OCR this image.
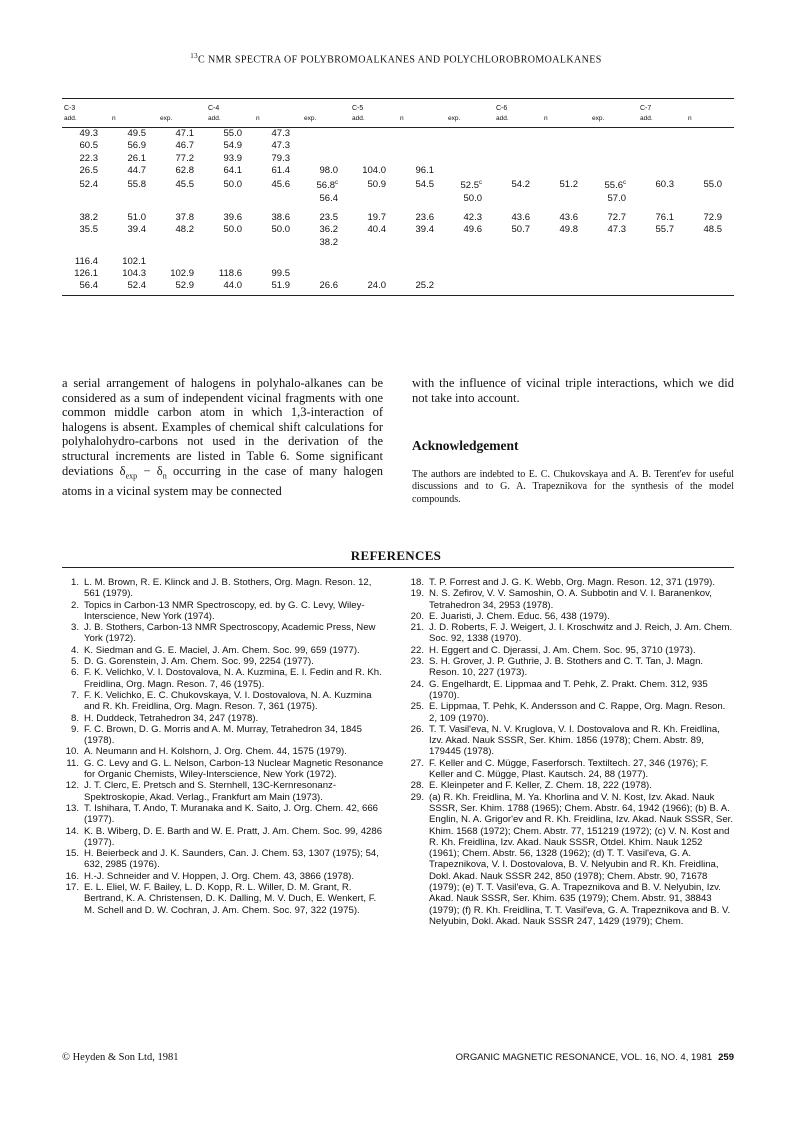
$^{13}$C NMR SPECTRA OF POLYBROMOALKANES AND POLYCHLOROBROMOALKANES
C-3			C-4			C-5			C-6			C-7	
add.	n	exp.	add.	n	exp.	add.	n	exp.	add.	n	exp.	add.	n
49.3	49.5	47.1	55.0	47.3									
60.5	56.9	46.7	54.9	47.3									
22.3	26.1	77.2	93.9	79.3									
26.5	44.7	62.8	64.1	61.4	98.0	104.0	96.1						
52.4	55.8	45.5	50.0	45.6	56.8$^c$	50.9	54.5	52.5$^c$	54.2	51.2	55.6$^c$	60.3	55.0
					56.4			50.0			57.0		

38.2	51.0	37.8	39.6	38.6	23.5	19.7	23.6	42.3	43.6	43.6	72.7	76.1	72.9
35.5	39.4	48.2	50.0	50.0	36.2	40.4	39.4	49.6	50.7	49.8	47.3	55.7	48.5
					38.2								

116.4	102.1												
126.1	104.3	102.9	118.6	99.5									
56.4	52.4	52.9	44.0	51.9	26.6	24.0	25.2						
a serial arrangement of halogens in polyhalo-alkanes can be considered as a sum of independent vicinal fragments with one common middle carbon atom in which 1,3-interaction of halogens is absent. Examples of chemical shift calculations for polyhalohydro-carbons not used in the derivation of the structural increments are listed in Table 6. Some significant deviations $\delta_{exp} - \delta_n$ occurring in the case of many halogen atoms in a vicinal system may be connected
with the influence of vicinal triple interactions, which we did not take into account.
Acknowledgement
The authors are indebted to E. C. Chukovskaya and A. B. Terent'ev for useful discussions and to G. A. Trapeznikova for the synthesis of the model compounds.
REFERENCES
1. L. M. Brown, R. E. Klinck and J. B. Stothers, Org. Magn. Reson. 12, 561 (1979).
2. Topics in Carbon-13 NMR Spectroscopy, ed. by G. C. Levy, Wiley-Interscience, New York (1974).
3. J. B. Stothers, Carbon-13 NMR Spectroscopy, Academic Press, New York (1972).
4. K. Siedman and G. E. Maciel, J. Am. Chem. Soc. 99, 659 (1977).
5. D. G. Gorenstein, J. Am. Chem. Soc. 99, 2254 (1977).
6. F. K. Velichko, V. I. Dostovalova, N. A. Kuzmina, E. I. Fedin and R. Kh. Freidlina, Org. Magn. Reson. 7, 46 (1975).
7. F. K. Velichko, E. C. Chukovskaya, V. I. Dostovalova, N. A. Kuzmina and R. Kh. Freidlina, Org. Magn. Reson. 7, 361 (1975).
8. H. Duddeck, Tetrahedron 34, 247 (1978).
9. F. C. Brown, D. G. Morris and A. M. Murray, Tetrahedron 34, 1845 (1978).
10. A. Neumann and H. Kolshorn, J. Org. Chem. 44, 1575 (1979).
11. G. C. Levy and G. L. Nelson, Carbon-13 Nuclear Magnetic Resonance for Organic Chemists, Wiley-Interscience, New York (1972).
12. J. T. Clerc, E. Pretsch and S. Sternhell, 13C-Kernresonanz-Spektroskopie, Akad. Verlag., Frankfurt am Main (1973).
13. T. Ishihara, T. Ando, T. Muranaka and K. Saito, J. Org. Chem. 42, 666 (1977).
14. K. B. Wiberg, D. E. Barth and W. E. Pratt, J. Am. Chem. Soc. 99, 4286 (1977).
15. H. Beierbeck and J. K. Saunders, Can. J. Chem. 53, 1307 (1975); 54, 632, 2985 (1976).
16. H.-J. Schneider and V. Hoppen, J. Org. Chem. 43, 3866 (1978).
17. E. L. Eliel, W. F. Bailey, L. D. Kopp, R. L. Willer, D. M. Grant, R. Bertrand, K. A. Christensen, D. K. Dalling, M. V. Duch, E. Wenkert, F. M. Schell and D. W. Cochran, J. Am. Chem. Soc. 97, 322 (1975).
18. T. P. Forrest and J. G. K. Webb, Org. Magn. Reson. 12, 371 (1979).
19. N. S. Zefirov, V. V. Samoshin, O. A. Subbotin and V. I. Baranenkov, Tetrahedron 34, 2953 (1978).
20. E. Juaristi, J. Chem. Educ. 56, 438 (1979).
21. J. D. Roberts, F. J. Weigert, J. I. Kroschwitz and J. Reich, J. Am. Chem. Soc. 92, 1338 (1970).
22. H. Eggert and C. Djerassi, J. Am. Chem. Soc. 95, 3710 (1973).
23. S. H. Grover, J. P. Guthrie, J. B. Stothers and C. T. Tan, J. Magn. Reson. 10, 227 (1973).
24. G. Engelhardt, E. Lippmaa and T. Pehk, Z. Prakt. Chem. 312, 935 (1970).
25. E. Lippmaa, T. Pehk, K. Andersson and C. Rappe, Org. Magn. Reson. 2, 109 (1970).
26. T. T. Vasil'eva, N. V. Kruglova, V. I. Dostovalova and R. Kh. Freidlina, Izv. Akad. Nauk SSSR, Ser. Khim. 1856 (1978); Chem. Abstr. 89, 179445 (1978).
27. F. Keller and C. Mügge, Faserforsch. Textiltech. 27, 346 (1976); F. Keller and C. Mügge, Plast. Kautsch. 24, 88 (1977).
28. E. Kleinpeter and F. Keller, Z. Chem. 18, 222 (1978).
29. (a) R. Kh. Freidlina, M. Ya. Khorlina and V. N. Kost, Izv. Akad. Nauk SSSR, Ser. Khim. 1788 (1965); Chem. Abstr. 64, 1942 (1966); (b) B. A. Englin, N. A. Grigor'ev and R. Kh. Freidlina, Izv. Akad. Nauk SSSR, Ser. Khim. 1568 (1972); Chem. Abstr. 77, 151219 (1972); (c) V. N. Kost and R. Kh. Freidlina, Izv. Akad. Nauk SSSR, Otdel. Khim. Nauk 1252 (1961); Chem. Abstr. 56, 1328 (1962); (d) T. T. Vasil'eva, G. A. Trapeznikova, V. I. Dostovalova, B. V. Nelyubin and R. Kh. Freidlina, Dokl. Akad. Nauk SSSR 242, 850 (1978); Chem. Abstr. 90, 71678 (1979); (e) T. T. Vasil'eva, G. A. Trapeznikova and B. V. Nelyubin, Izv. Akad. Nauk SSSR, Ser. Khim. 635 (1979); Chem. Abstr. 91, 38843 (1979); (f) R. Kh. Freidlina, T. T. Vasil'eva, G. A. Trapeznikova and B. V. Nelyubin, Dokl. Akad. Nauk SSSR 247, 1429 (1979); Chem.
© Heyden & Son Ltd, 1981	ORGANIC MAGNETIC RESONANCE, VOL. 16, NO. 4, 1981 259
